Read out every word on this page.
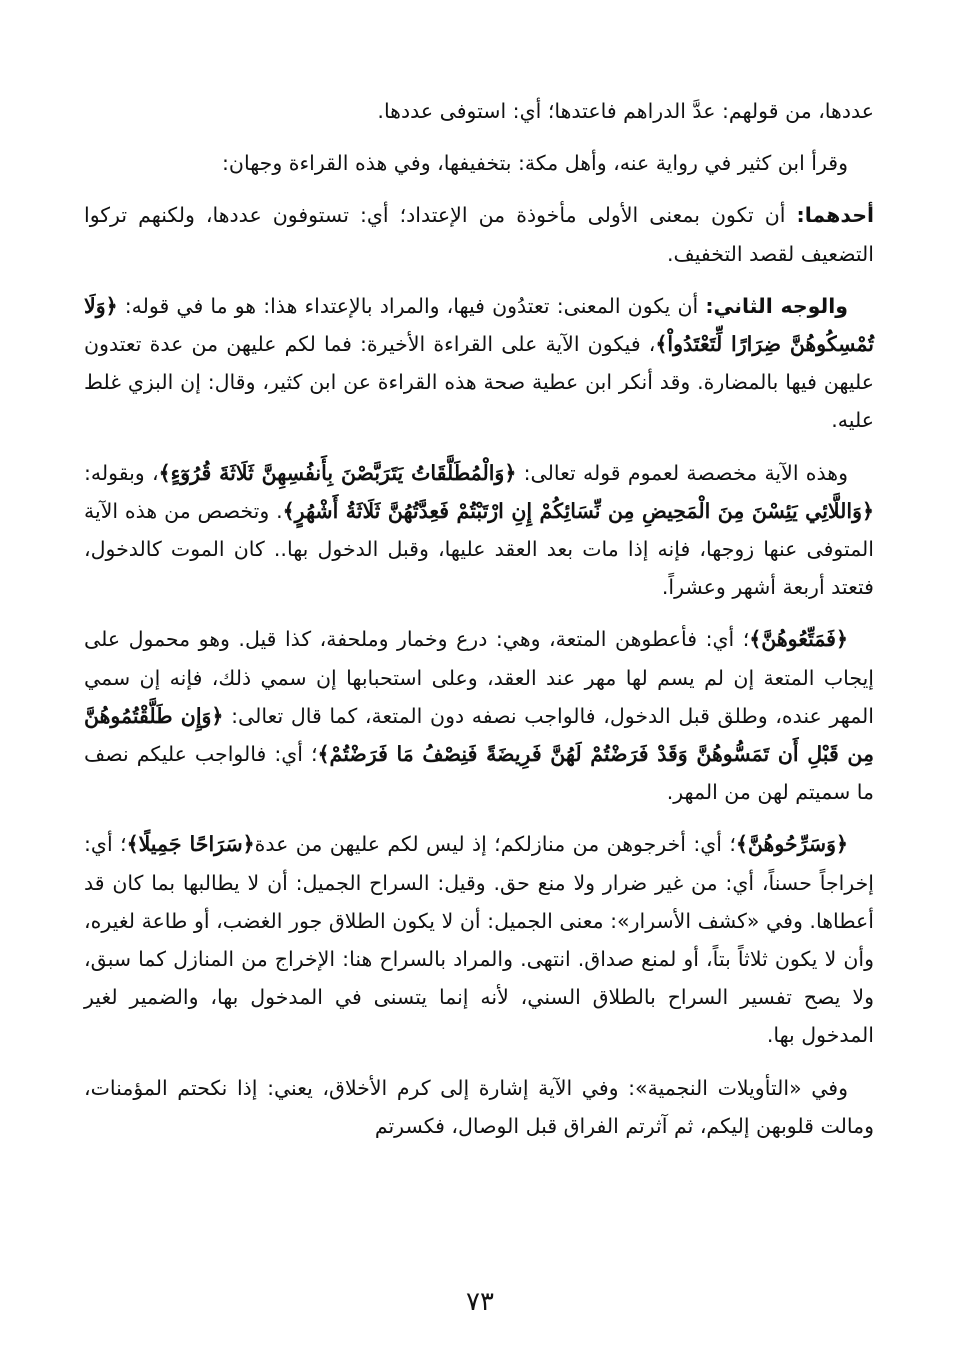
عددها، من قولهم: عدَّ الدراهم فاعتدها؛ أي: استوفى عددها.

وقرأ ابن كثير في رواية عنه، وأهل مكة: بتخفيفها، وفي هذه القراءة وجهان:

أحدهما: أن تكون بمعنى الأولى مأخوذة من الإعتداد؛ أي: تستوفون عددها، ولكنهم تركوا التضعيف لقصد التخفيف.

والوجه الثاني: أن يكون المعنى: تعتدُون فيها، والمراد بالإعتداء هذا: هو ما في قوله: ﴿وَلَا تُمْسِكُوهُنَّ ضِرَارًا لِّتَعْتَدُواْ﴾، فيكون الآية على القراءة الأخيرة: فما لكم عليهن من عدة تعتدون عليهن فيها بالمضارة. وقد أنكر ابن عطية صحة هذه القراءة عن ابن كثير، وقال: إن البزي غلط عليه.

وهذه الآية مخصصة لعموم قوله تعالى: ﴿وَالْمُطَلَّقَاتُ يَتَرَبَّصْنَ بِأَنفُسِهِنَّ ثَلَاثَةَ قُرُوٓءٍ﴾، وبقوله: ﴿وَاللَّائِي يَئِسْنَ مِنَ الْمَحِيضِ مِن نِّسَائِكُمْ إِنِ ارْتَبْتُمْ فَعِدَّتُهُنَّ ثَلَاثَةُ أَشْهُرٍ﴾. وتخصص من هذه الآية المتوفى عنها زوجها، فإنه إذا مات بعد العقد عليها، وقبل الدخول بها.. كان الموت كالدخول، فتعتد أربعة أشهر وعشراً.

﴿فَمَتِّعُوهُنَّ﴾؛ أي: فأعطوهن المتعة، وهي: درع وخمار وملحفة، كذا قيل. وهو محمول على إيجاب المتعة إن لم يسم لها مهر عند العقد، وعلى استحبابها إن سمي ذلك، فإنه إن سمي المهر عنده، وطلق قبل الدخول، فالواجب نصفه دون المتعة، كما قال تعالى: ﴿وَإِن طَلَّقْتُمُوهُنَّ مِن قَبْلِ أَن تَمَسُّوهُنَّ وَقَدْ فَرَضْتُمْ لَهُنَّ فَرِيضَةً فَنِصْفُ مَا فَرَضْتُمْ﴾؛ أي: فالواجب عليكم نصف ما سميتم لهن من المهر.

﴿وَسَرِّحُوهُنَّ﴾؛ أي: أخرجوهن من منازلكم؛ إذ ليس لكم عليهن من عدة﴿سَرَاحًا جَمِيلًا﴾؛ أي: إخراجاً حسناً، أي: من غير ضرار ولا منع حق. وقيل: السراح الجميل: أن لا يطالبها بما كان قد أعطاها. وفي «كشف الأسرار»: معنى الجميل: أن لا يكون الطلاق جور الغضب، أو طاعة لغيره، وأن لا يكون ثلاثاً بتاً، أو لمنع صداق. انتهى. والمراد بالسراح هنا: الإخراج من المنازل كما سبق، ولا يصح تفسير السراح بالطلاق السني، لأنه إنما يتسنى في المدخول بها، والضمير لغير المدخول بها.

وفي «التأويلات النجمية»: وفي الآية إشارة إلى كرم الأخلاق، يعني: إذا نكحتم المؤمنات، ومالت قلوبهن إليكم، ثم آثرتم الفراق قبل الوصال، فكسرتم

٧٣
